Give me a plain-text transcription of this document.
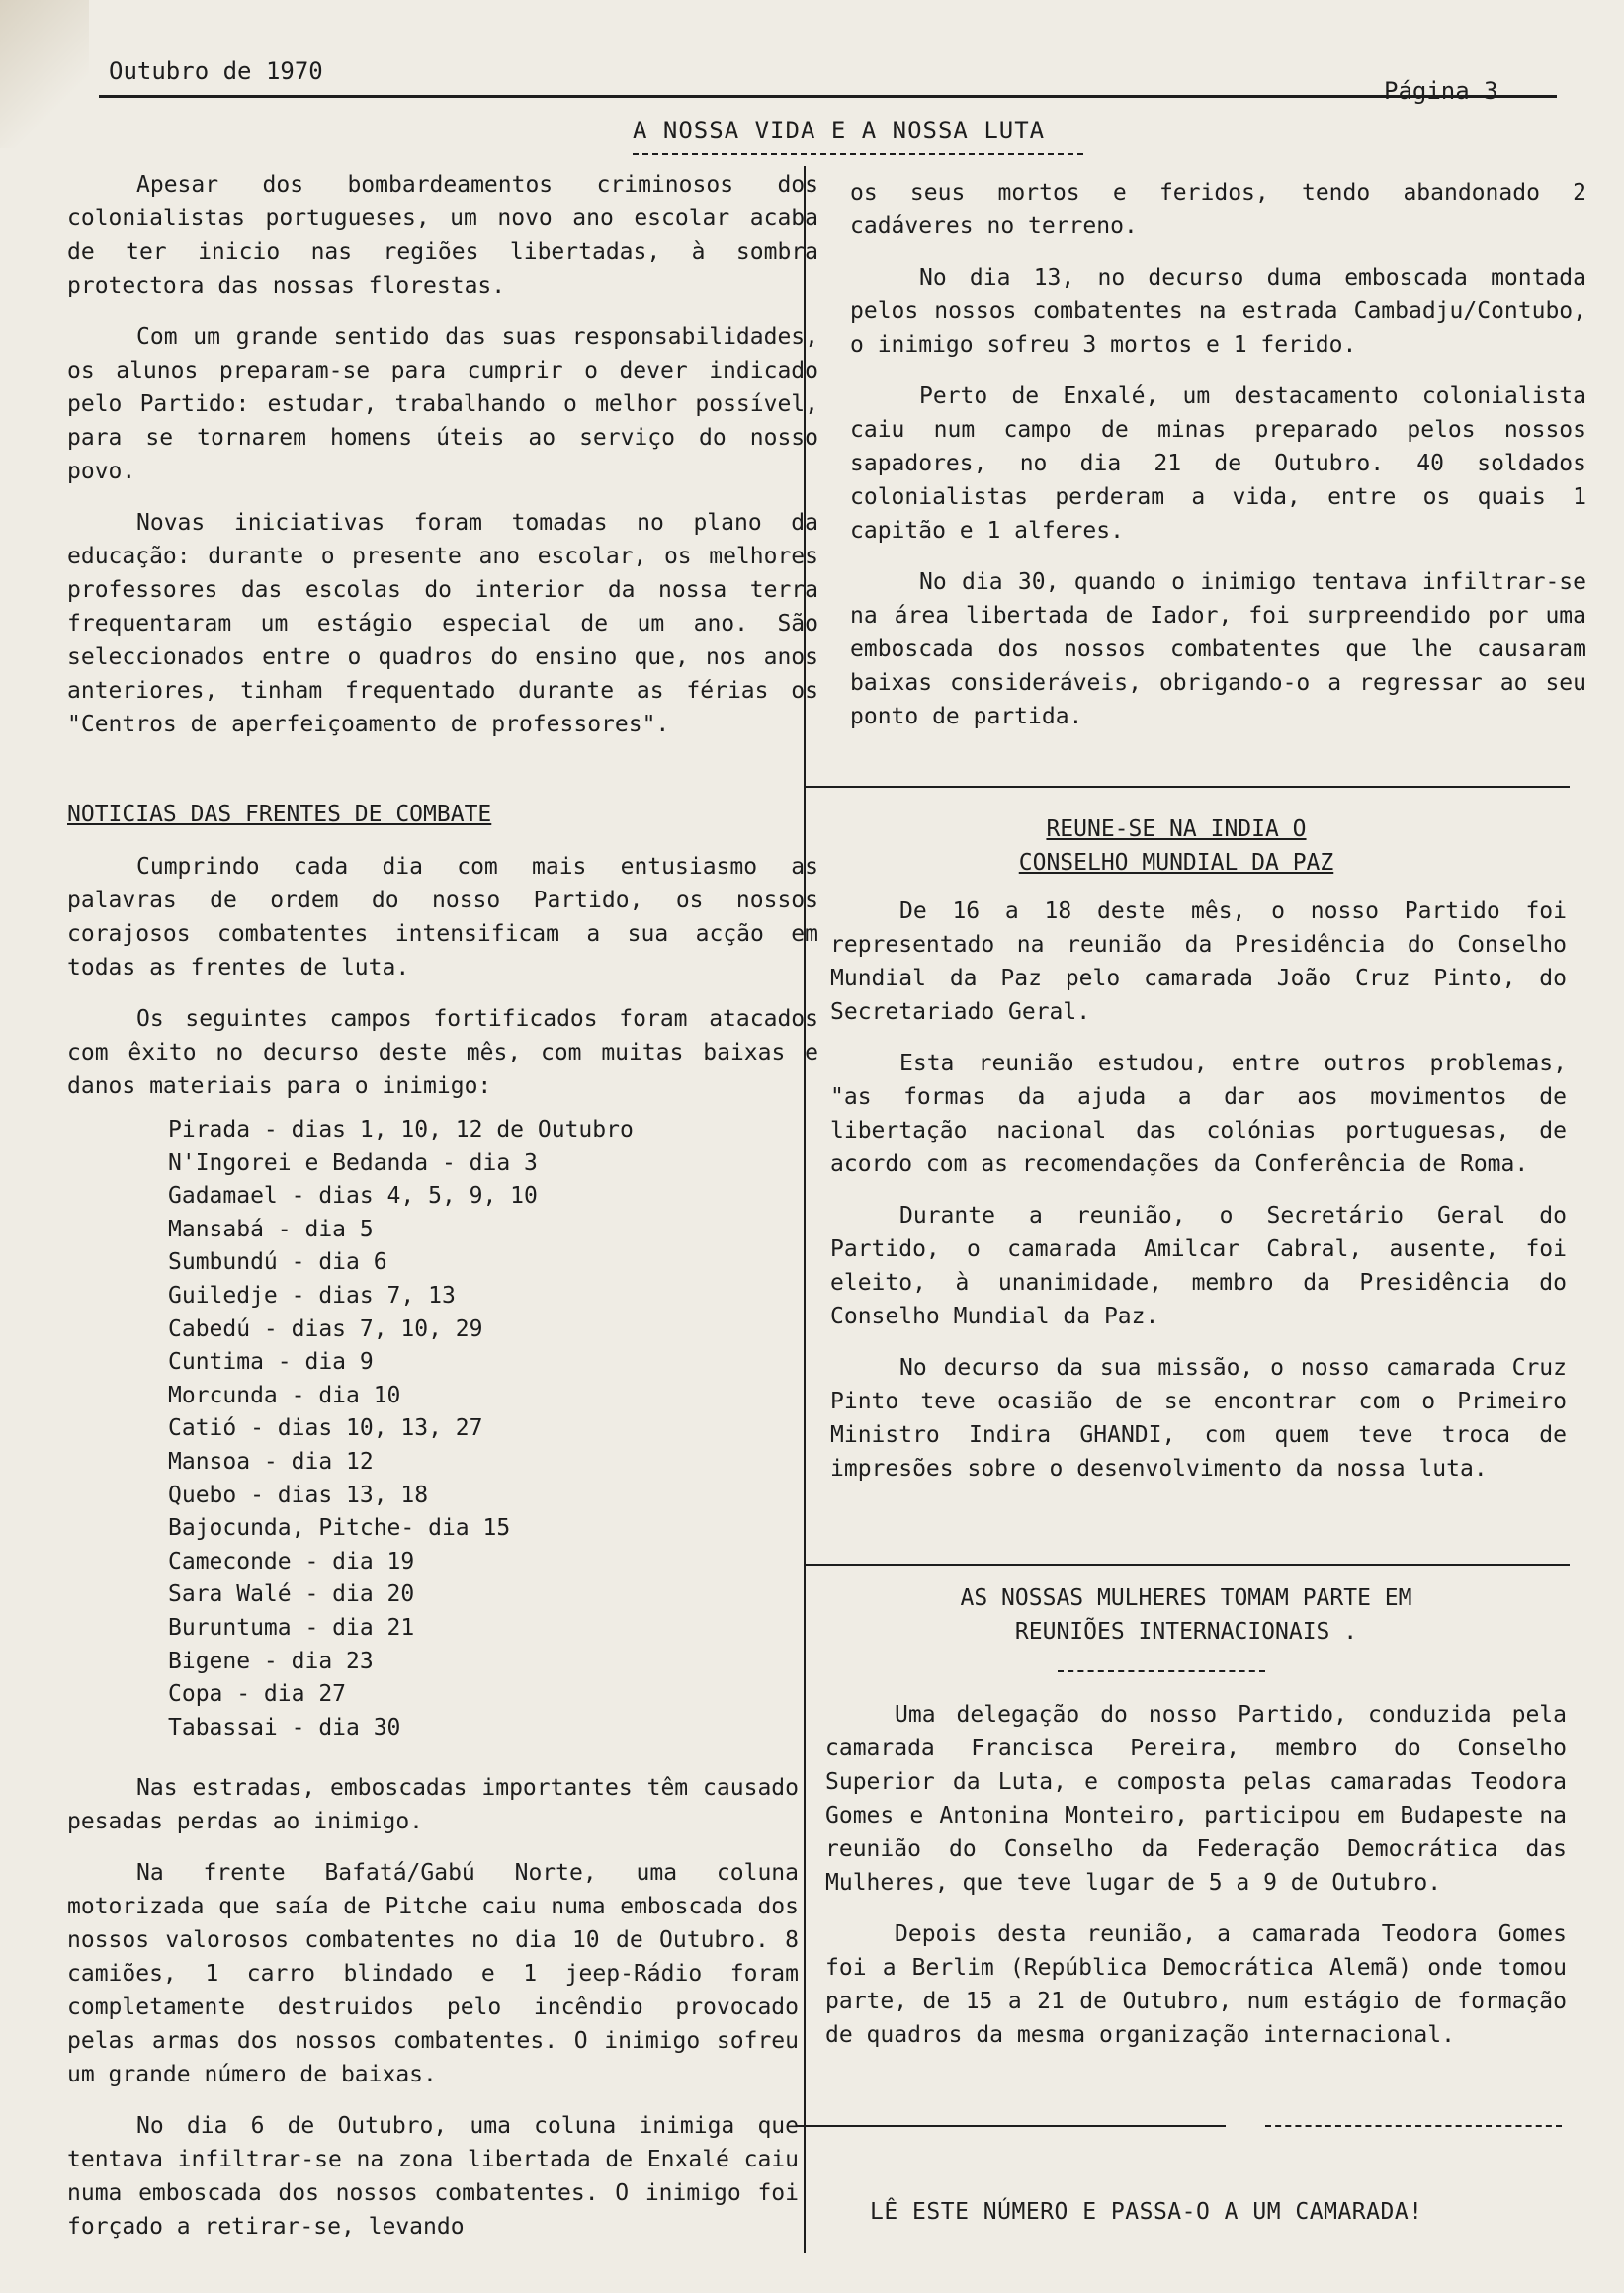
Outubro de 1970
Página 3
A NOSSA VIDA E A NOSSA LUTA

Apesar dos bombardeamentos criminosos dos colonialistas portugueses, um novo ano escolar acaba de ter inicio nas regiões libertadas, à sombra protectora das nossas florestas.

Com um grande sentido das suas responsabilidades, os alunos preparam-se para cumprir o dever indicado pelo Partido: estudar, trabalhando o melhor possível, para se tornarem homens úteis ao serviço do nosso povo.

Novas iniciativas foram tomadas no plano da educação: durante o presente ano escolar, os melhores professores das escolas do interior da nossa terra frequentaram um estágio especial de um ano. São seleccionados entre o quadros do ensino que, nos anos anteriores, tinham frequentado durante as férias os "Centros de aperfeiçoamento de professores".

NOTICIAS DAS FRENTES DE COMBATE

Cumprindo cada dia com mais entusiasmo as palavras de ordem do nosso Partido, os nossos corajosos combatentes intensificam a sua acção em todas as frentes de luta.

Os seguintes campos fortificados foram atacados com êxito no decurso deste mês, com muitas baixas e danos materiais para o inimigo:

Pirada - dias 1, 10, 12 de Outubro
N'Ingorei e Bedanda - dia 3
Gadamael - dias 4, 5, 9, 10
Mansabá - dia 5
Sumbundú - dia 6
Guiledje - dias 7, 13
Cabedú - dias 7, 10, 29
Cuntima - dia 9
Morcunda - dia 10
Catió - dias 10, 13, 27
Mansoa - dia 12
Quebo - dias 13, 18
Bajocunda, Pitche- dia 15
Cameconde - dia 19
Sara Walé - dia 20
Buruntuma - dia 21
Bigene - dia 23
Copa - dia 27
Tabassai - dia 30

Nas estradas, emboscadas importantes têm causado pesadas perdas ao inimigo.

Na frente Bafatá/Gabú Norte, uma coluna motorizada que saía de Pitche caiu numa emboscada dos nossos valorosos combatentes no dia 10 de Outubro. 8 camiões, 1 carro blindado e 1 jeep-Rádio foram completamente destruidos pelo incêndio provocado pelas armas dos nossos combatentes. O inimigo sofreu um grande número de baixas.

No dia 6 de Outubro, uma coluna inimiga que tentava infiltrar-se na zona libertada de Enxalé caiu numa emboscada dos nossos combatentes. O inimigo foi forçado a retirar-se, levando

os seus mortos e feridos, tendo abandonado 2 cadáveres no terreno.

No dia 13, no decurso duma emboscada montada pelos nossos combatentes na estrada Cambadju/Contubo, o inimigo sofreu 3 mortos e 1 ferido.

Perto de Enxalé, um destacamento colonialista caiu num campo de minas preparado pelos nossos sapadores, no dia 21 de Outubro. 40 soldados colonialistas perderam a vida, entre os quais 1 capitão e 1 alferes.

No dia 30, quando o inimigo tentava infiltrar-se na área libertada de Iador, foi surpreendido por uma emboscada dos nossos combatentes que lhe causaram baixas consideráveis, obrigando-o a regressar ao seu ponto de partida.

REUNE-SE NA INDIA O
CONSELHO MUNDIAL DA PAZ

De 16 a 18 deste mês, o nosso Partido foi representado na reunião da Presidência do Conselho Mundial da Paz pelo camarada João Cruz Pinto, do Secretariado Geral.

Esta reunião estudou, entre outros problemas, "as formas da ajuda a dar aos movimentos de libertação nacional das colónias portuguesas, de acordo com as recomendações da Conferência de Roma.

Durante a reunião, o Secretário Geral do Partido, o camarada Amilcar Cabral, ausente, foi eleito, à unanimidade, membro da Presidência do Conselho Mundial da Paz.

No decurso da sua missão, o nosso camarada Cruz Pinto teve ocasião de se encontrar com o Primeiro Ministro Indira GHANDI, com quem teve troca de impresões sobre o desenvolvimento da nossa luta.

AS NOSSAS MULHERES TOMAM PARTE EM
REUNIÕES INTERNACIONAIS .

Uma delegação do nosso Partido, conduzida pela camarada Francisca Pereira, membro do Conselho Superior da Luta, e composta pelas camaradas Teodora Gomes e Antonina Monteiro, participou em Budapeste na reunião do Conselho da Federação Democrática das Mulheres, que teve lugar de 5 a 9 de Outubro.

Depois desta reunião, a camarada Teodora Gomes foi a Berlim (República Democrática Alemã) onde tomou parte, de 15 a 21 de Outubro, num estágio de formação de quadros da mesma organização internacional.

LÊ ESTE NÚMERO E PASSA-O A UM CAMARADA!
